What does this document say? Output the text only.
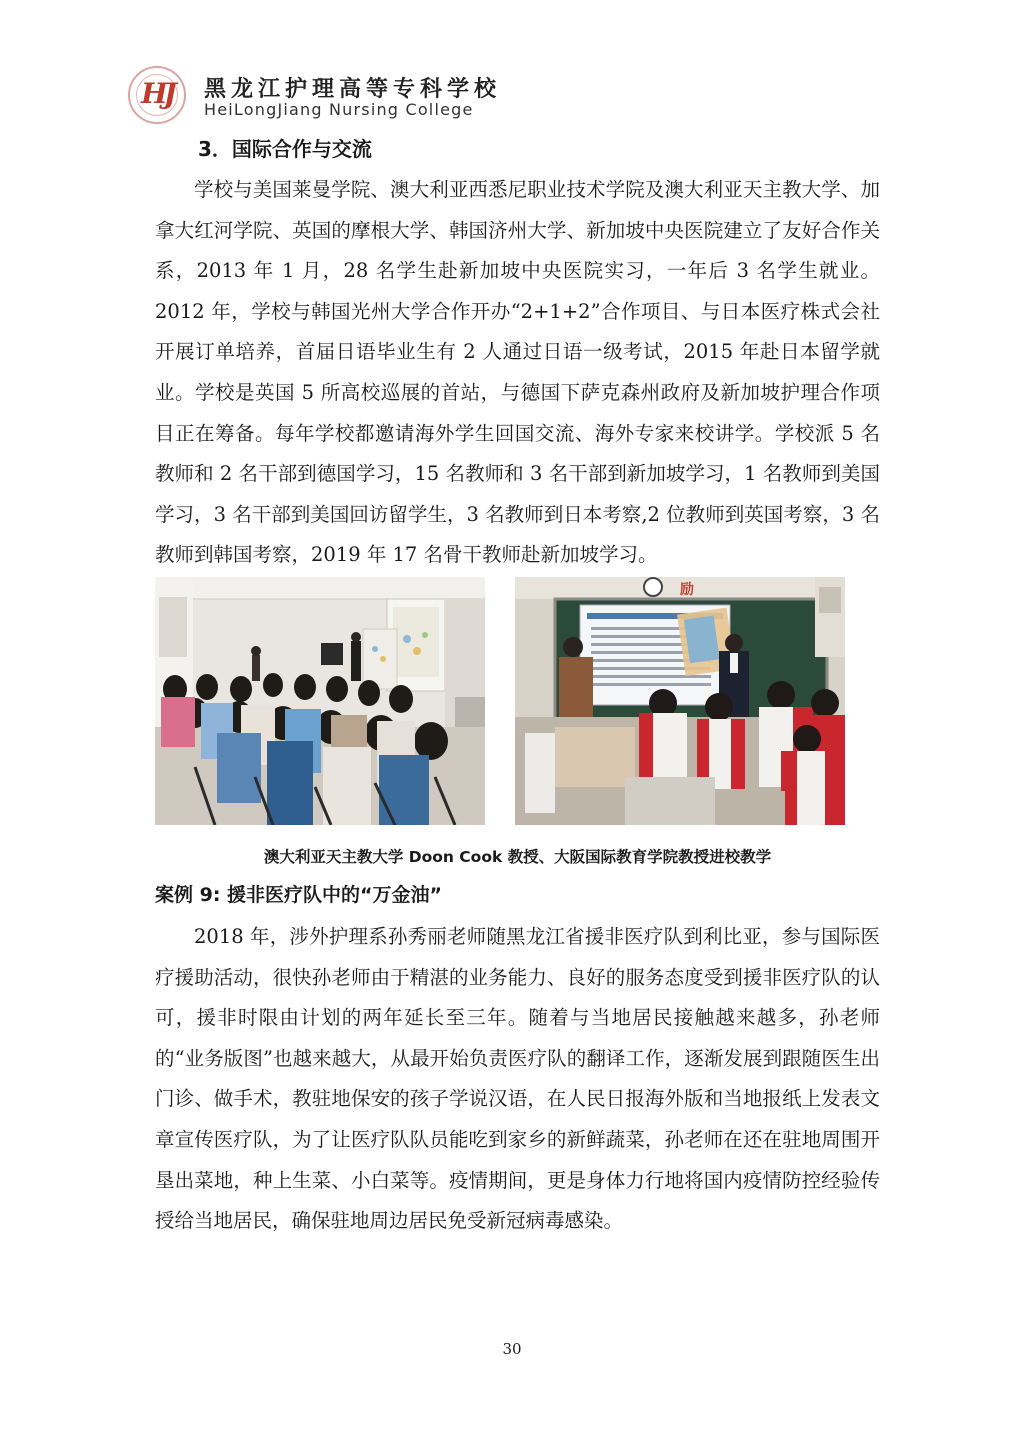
HJ	黑龙江护理高等专科学校
HeiLongJiang Nursing College
3．国际合作与交流

学校与美国莱曼学院、澳大利亚西悉尼职业技术学院及澳大利亚天主教大学、加拿大红河学院、英国的摩根大学、韩国济州大学、新加坡中央医院建立了友好合作关系，2013 年 1 月，28 名学生赴新加坡中央医院实习，一年后 3 名学生就业。2012 年，学校与韩国光州大学合作开办“2+1+2”合作项目、与日本医疗株式会社开展订单培养，首届日语毕业生有 2 人通过日语一级考试，2015 年赴日本留学就业。学校是英国 5 所高校巡展的首站，与德国下萨克森州政府及新加坡护理合作项目正在筹备。每年学校都邀请海外学生回国交流、海外专家来校讲学。学校派 5 名教师和 2 名干部到德国学习，15 名教师和 3 名干部到新加坡学习，1 名教师到美国学习，3 名干部到美国回访留学生，3 名教师到日本考察,2 位教师到英国考察，3 名教师到韩国考察，2019 年 17 名骨干教师赴新加坡学习。

励
澳大利亚天主教大学 Doon Cook 教授、大阪国际教育学院教授进校教学
案例 9: 援非医疗队中的“万金油”

2018 年，涉外护理系孙秀丽老师随黑龙江省援非医疗队到利比亚，参与国际医疗援助活动，很快孙老师由于精湛的业务能力、良好的服务态度受到援非医疗队的认可，援非时限由计划的两年延长至三年。随着与当地居民接触越来越多，孙老师的“业务版图”也越来越大，从最开始负责医疗队的翻译工作，逐渐发展到跟随医生出门诊、做手术，教驻地保安的孩子学说汉语，在人民日报海外版和当地报纸上发表文章宣传医疗队，为了让医疗队队员能吃到家乡的新鲜蔬菜，孙老师在还在驻地周围开垦出菜地，种上生菜、小白菜等。疫情期间，更是身体力行地将国内疫情防控经验传授给当地居民，确保驻地周边居民免受新冠病毒感染。

30
